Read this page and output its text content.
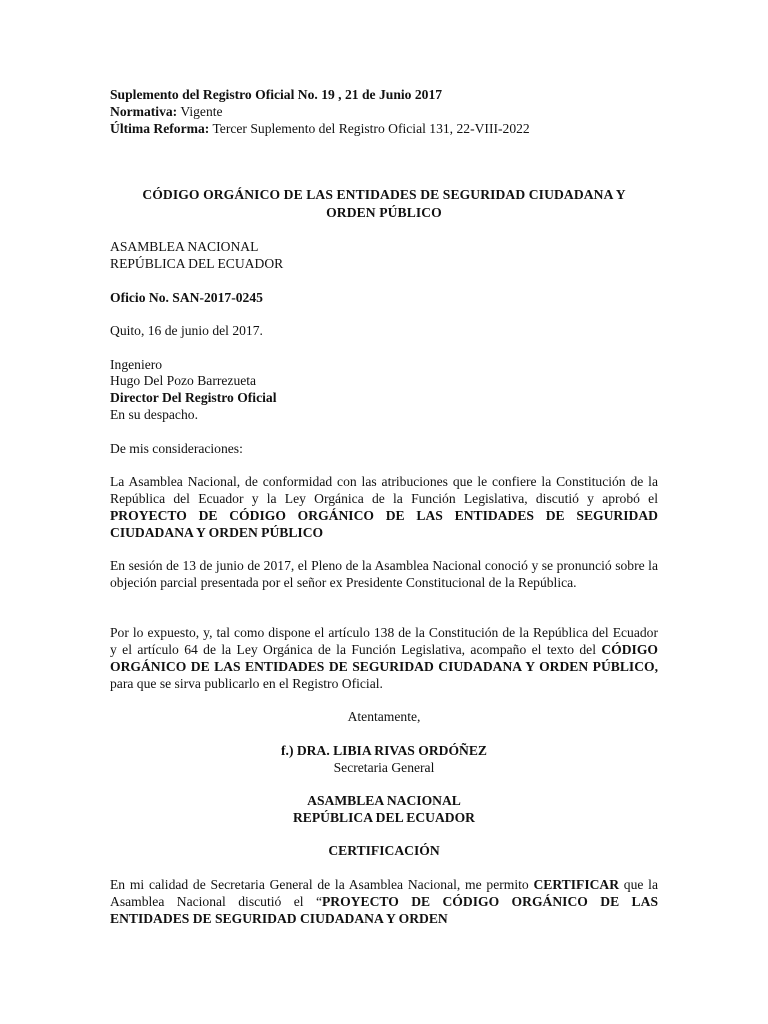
Suplemento del Registro Oficial No. 19 , 21 de Junio 2017
Normativa: Vigente
Última Reforma: Tercer Suplemento del Registro Oficial 131, 22-VIII-2022
CÓDIGO ORGÁNICO DE LAS ENTIDADES DE SEGURIDAD CIUDADANA Y
ORDEN PÚBLICO
ASAMBLEA NACIONAL
REPÚBLICA DEL ECUADOR
Oficio No. SAN-2017-0245
Quito, 16 de junio del 2017.
Ingeniero
Hugo Del Pozo Barrezueta
Director Del Registro Oficial
En su despacho.
De mis consideraciones:

La Asamblea Nacional, de conformidad con las atribuciones que le confiere la Constitución de la República del Ecuador y la Ley Orgánica de la Función Legislativa, discutió y aprobó el PROYECTO DE CÓDIGO ORGÁNICO DE LAS ENTIDADES DE SEGURIDAD CIUDADANA Y ORDEN PÚBLICO

En sesión de 13 de junio de 2017, el Pleno de la Asamblea Nacional conoció y se pronunció sobre la objeción parcial presentada por el señor ex Presidente Constitucional de la República.

Por lo expuesto, y, tal como dispone el artículo 138 de la Constitución de la República del Ecuador y el artículo 64 de la Ley Orgánica de la Función Legislativa, acompaño el texto del CÓDIGO ORGÁNICO DE LAS ENTIDADES DE SEGURIDAD CIUDADANA Y ORDEN PÚBLICO, para que se sirva publicarlo en el Registro Oficial.

Atentamente,
f.) DRA. LIBIA RIVAS ORDÓÑEZ
Secretaria General
ASAMBLEA NACIONAL
REPÚBLICA DEL ECUADOR
CERTIFICACIÓN

En mi calidad de Secretaria General de la Asamblea Nacional, me permito CERTIFICAR que la Asamblea Nacional discutió el “PROYECTO DE CÓDIGO ORGÁNICO DE LAS ENTIDADES DE SEGURIDAD CIUDADANA Y ORDEN
